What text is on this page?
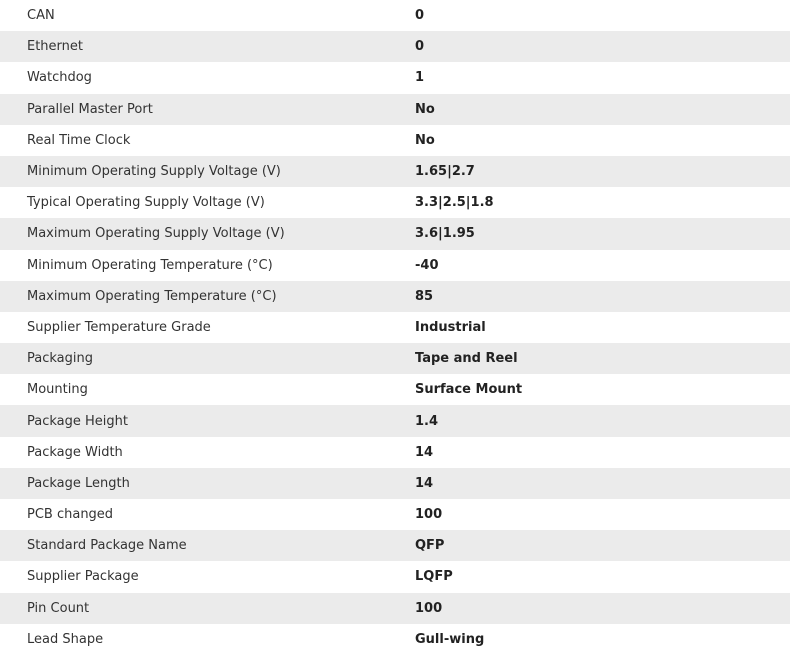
CAN	0
Ethernet	0
Watchdog	1
Parallel Master Port	No
Real Time Clock	No
Minimum Operating Supply Voltage (V)	1.65|2.7
Typical Operating Supply Voltage (V)	3.3|2.5|1.8
Maximum Operating Supply Voltage (V)	3.6|1.95
Minimum Operating Temperature (°C)	-40
Maximum Operating Temperature (°C)	85
Supplier Temperature Grade	Industrial
Packaging	Tape and Reel
Mounting	Surface Mount
Package Height	1.4
Package Width	14
Package Length	14
PCB changed	100
Standard Package Name	QFP
Supplier Package	LQFP
Pin Count	100
Lead Shape	Gull-wing
